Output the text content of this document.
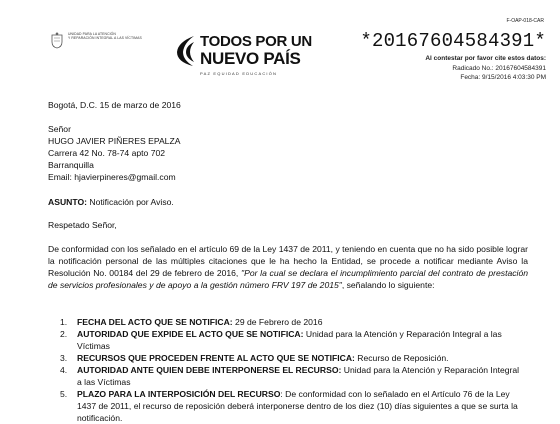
UNIDAD PARA LA ATENCIÓN
Y REPARACIÓN INTEGRAL A LAS VÍCTIMAS	TODOS POR UN
NUEVO PAÍS
PAZ EQUIDAD EDUCACIÓN
F-OAP-018-CAR
*20167604584391*
Al contestar por favor cite estos datos:
Radicado No.: 20167604584391
Fecha: 9/15/2016 4:03:30 PM
Bogotá, D.C. 15 de marzo de 2016
Señor
HUGO JAVIER PIÑERES EPALZA
Carrera 42 No. 78-74 apto 702
Barranquilla
Email: hjavierpineres@gmail.com
ASUNTO: Notificación por Aviso.
Respetado Señor,
De conformidad con los señalado en el artículo 69 de la Ley 1437 de 2011, y teniendo en cuenta que no ha sido posible lograr la notificación personal de las múltiples citaciones que le ha hecho la Entidad, se procede a notificar mediante Aviso la Resolución No. 00184 del 29 de febrero de 2016, "Por la cual se declara el incumplimiento parcial del contrato de prestación de servicios profesionales y de apoyo a la gestión número FRV 197 de 2015", señalando lo siguiente:
1. FECHA DEL ACTO QUE SE NOTIFICA: 29 de Febrero de 2016
2. AUTORIDAD QUE EXPIDE EL ACTO QUE SE NOTIFICA: Unidad para la Atención y Reparación Integral a las Víctimas
3. RECURSOS QUE PROCEDEN FRENTE AL ACTO QUE SE NOTIFICA: Recurso de Reposición.
4. AUTORIDAD ANTE QUIEN DEBE INTERPONERSE EL RECURSO: Unidad para la Atención y Reparación Integral a las Víctimas
5. PLAZO PARA LA INTERPOSICIÓN DEL RECURSO: De conformidad con lo señalado en el Artículo 76 de la Ley 1437 de 2011, el recurso de reposición deberá interponerse dentro de los diez (10) días siguientes a que se surta la notificación.
